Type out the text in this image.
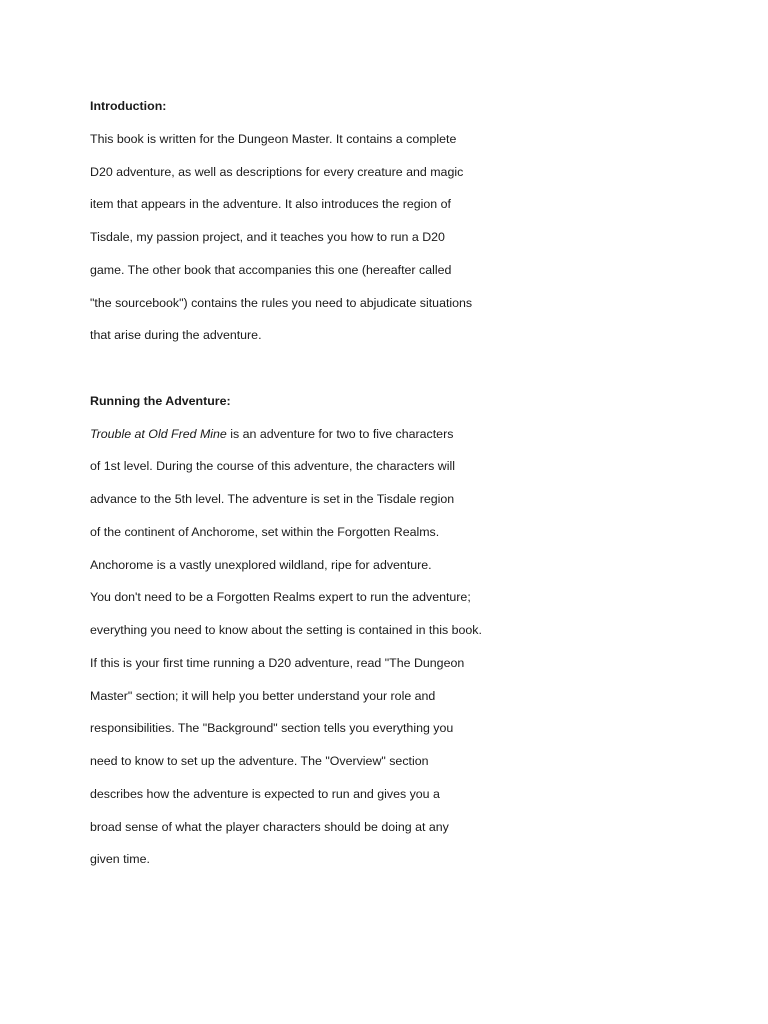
Introduction:
This book is written for the Dungeon Master. It contains a complete
D20 adventure, as well as descriptions for every creature and magic
item that appears in the adventure. It also introduces the region of
Tisdale, my passion project, and it teaches you how to run a D20
game. The other book that accompanies this one (hereafter called
"the sourcebook") contains the rules you need to abjudicate situations
that arise during the adventure.
Running the Adventure:
Trouble at Old Fred Mine is an adventure for two to five characters
of 1st level. During the course of this adventure, the characters will
advance to the 5th level. The adventure is set in the Tisdale region
of the continent of Anchorome, set within the Forgotten Realms.
Anchorome is a vastly unexplored wildland, ripe for adventure.
You don't need to be a Forgotten Realms expert to run the adventure;
everything you need to know about the setting is contained in this book.
If this is your first time running a D20 adventure, read "The Dungeon
Master" section; it will help you better understand your role and
responsibilities. The "Background" section tells you everything you
need to know to set up the adventure. The "Overview" section
describes how the adventure is expected to run and gives you a
broad sense of what the player characters should be doing at any
given time.
